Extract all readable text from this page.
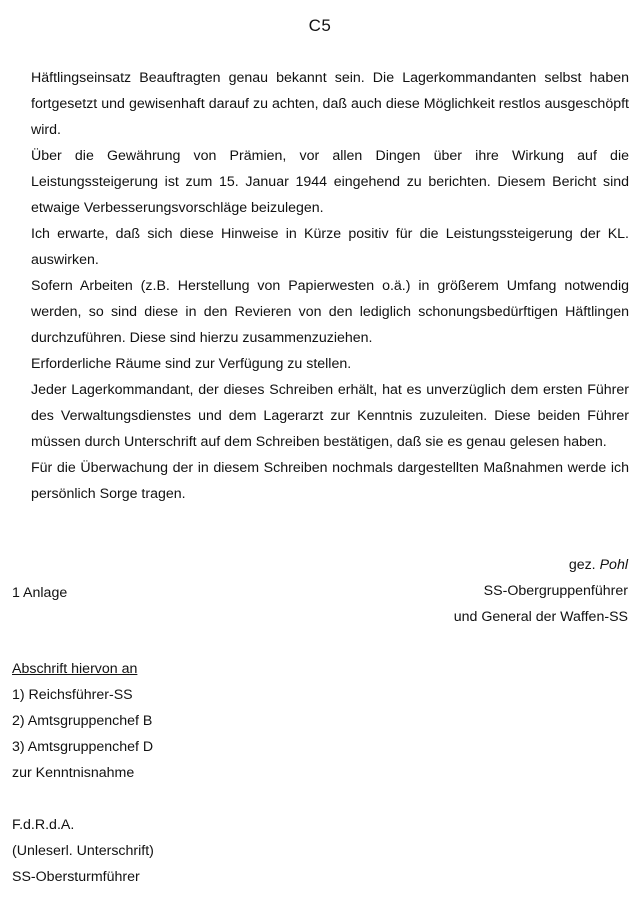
C5

Häftlingseinsatz Beauftragten genau bekannt sein. Die Lagerkommandanten selbst haben fortgesetzt und gewisenhaft darauf zu achten, daß auch diese Möglichkeit restlos ausgeschöpft wird.

Über die Gewährung von Prämien, vor allen Dingen über ihre Wirkung auf die Leistungssteigerung ist zum 15. Januar 1944 eingehend zu berichten. Diesem Bericht sind etwaige Verbesserungsvorschläge beizulegen.

Ich erwarte, daß sich diese Hinweise in Kürze positiv für die Leistungssteigerung der KL. auswirken.

Sofern Arbeiten (z.B. Herstellung von Papierwesten o.ä.) in größerem Umfang notwendig werden, so sind diese in den Revieren von den lediglich schonungsbedürftigen Häftlingen durchzuführen. Diese sind hierzu zusammenzuziehen.

Erforderliche Räume sind zur Verfügung zu stellen.

Jeder Lagerkommandant, der dieses Schreiben erhält, hat es unverzüglich dem ersten Führer des Verwaltungsdienstes und dem Lagerarzt zur Kenntnis zuzuleiten. Diese beiden Führer müssen durch Unterschrift auf dem Schreiben bestätigen, daß sie es genau gelesen haben.

Für die Überwachung der in diesem Schreiben nochmals dargestellten Maßnahmen werde ich persönlich Sorge tragen.

gez. Pohl
SS-Obergruppenführer
und General der Waffen-SS
1 Anlage
Abschrift hiervon an
1) Reichsführer-SS
2) Amtsgruppenchef B
3) Amtsgruppenchef D
zur Kenntnisnahme
F.d.R.d.A.
(Unleserl. Unterschrift)
SS-Obersturmführer
